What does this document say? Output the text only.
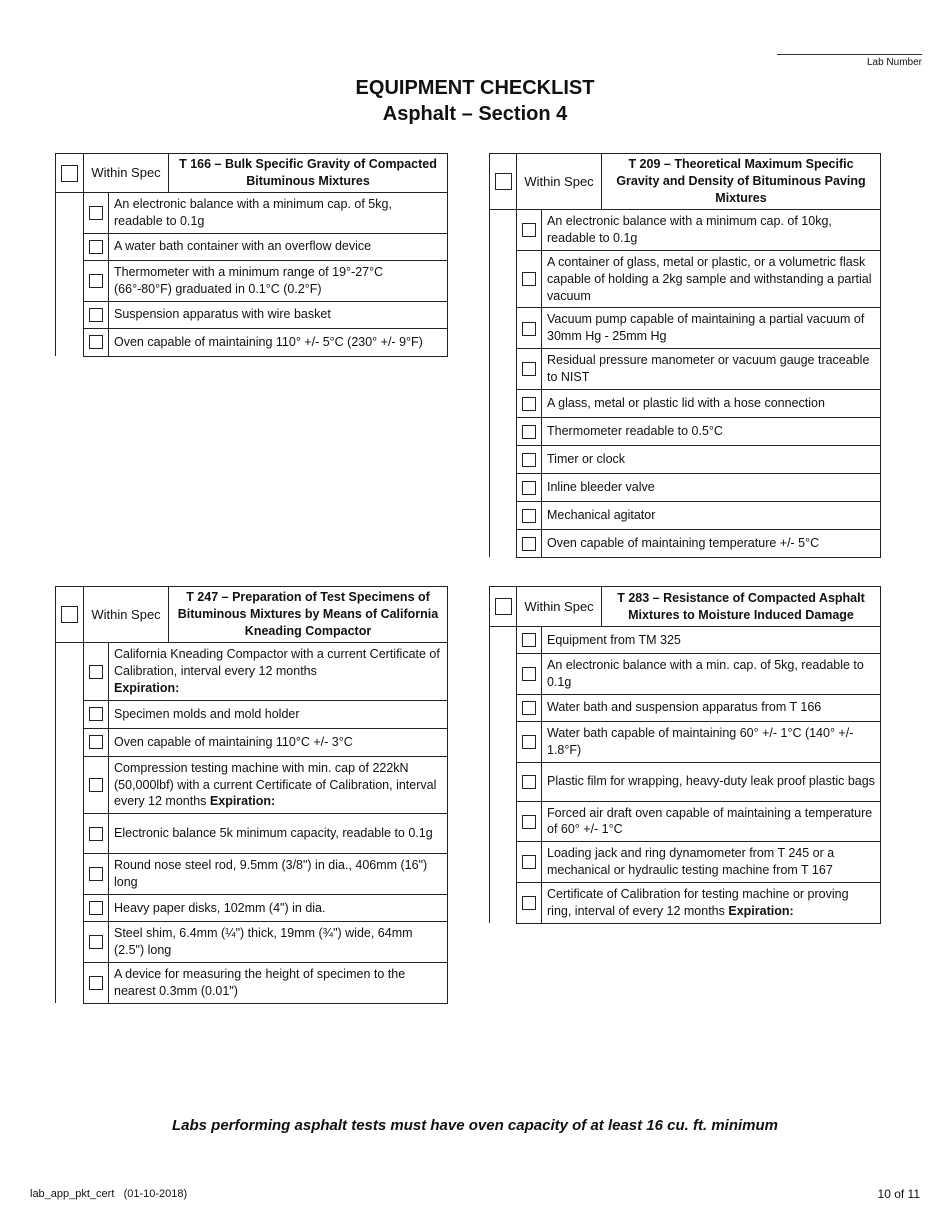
Lab Number
EQUIPMENT CHECKLIST
Asphalt – Section 4
	Within Spec		T 166 – Bulk Specific Gravity of Compacted Bituminous Mixtures
		An electronic balance with a minimum cap. of 5kg, readable to 0.1g	
		A water bath container with an overflow device	
		Thermometer with a minimum range of 19°-27°C (66°-80°F) graduated in 0.1°C (0.2°F)	
		Suspension apparatus with wire basket	
		Oven capable of maintaining 110° +/- 5°C (230° +/- 9°F)	
	Within Spec		T 209 – Theoretical Maximum Specific Gravity and Density of Bituminous Paving Mixtures
		An electronic balance with a minimum cap. of 10kg, readable to 0.1g	
		A container of glass, metal or plastic, or a volumetric flask capable of holding a 2kg sample and withstanding a partial vacuum	
		Vacuum pump capable of maintaining a partial vacuum of 30mm Hg - 25mm Hg	
		Residual pressure manometer or vacuum gauge traceable to NIST	
		A glass, metal or plastic lid with a hose connection	
		Thermometer readable to 0.5°C	
		Timer or clock	
		Inline bleeder valve	
		Mechanical agitator	
		Oven capable of maintaining temperature +/- 5°C	
	Within Spec		T 247 – Preparation of Test Specimens of Bituminous Mixtures by Means of California Kneading Compactor
		California Kneading Compactor with a current Certificate of Calibration, interval every 12 months
Expiration:	
		Specimen molds and mold holder	
		Oven capable of maintaining 110°C +/- 3°C	
		Compression testing machine with min. cap of 222kN (50,000lbf) with a current Certificate of Calibration, interval every 12 months Expiration:	
		Electronic balance 5k minimum capacity, readable to 0.1g	
		Round nose steel rod, 9.5mm (3/8") in dia., 406mm (16") long	
		Heavy paper disks, 102mm (4") in dia.	
		Steel shim, 6.4mm (¼") thick, 19mm (¾") wide, 64mm (2.5") long	
		A device for measuring the height of specimen to the nearest 0.3mm (0.01")	
	Within Spec		T 283 – Resistance of Compacted Asphalt Mixtures to Moisture Induced Damage
		Equipment from TM 325	
		An electronic balance with a min. cap. of 5kg, readable to 0.1g	
		Water bath and suspension apparatus from T 166	
		Water bath capable of maintaining 60° +/- 1°C (140° +/- 1.8°F)	
		Plastic film for wrapping, heavy-duty leak proof plastic bags	
		Forced air draft oven capable of maintaining a temperature of 60° +/- 1°C	
		Loading jack and ring dynamometer from T 245 or a mechanical or hydraulic testing machine from T 167	
		Certificate of Calibration for testing machine or proving ring, interval of every 12 months Expiration:	
Labs performing asphalt tests must have oven capacity of at least 16 cu. ft. minimum
lab_app_pkt_cert   (01-10-2018)	10 of 11
